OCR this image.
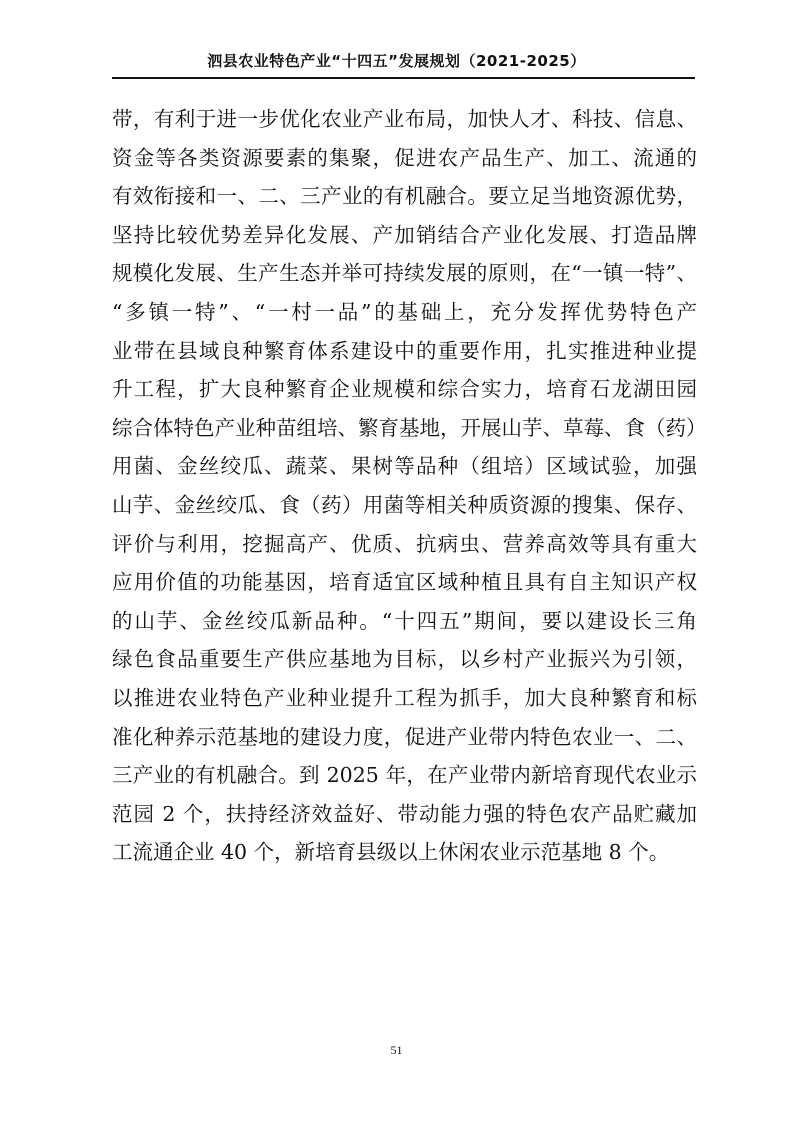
泗县农业特色产业“十四五”发展规划（2021-2025）
带，有利于进一步优化农业产业布局，加快人才、科技、信息、
资金等各类资源要素的集聚，促进农产品生产、加工、流通的
有效衔接和一、二、三产业的有机融合。要立足当地资源优势，
坚持比较优势差异化发展、产加销结合产业化发展、打造品牌
规模化发展、生产生态并举可持续发展的原则，在“一镇一特”、
“多镇一特”、“一村一品”的基础上，充分发挥优势特色产
业带在县域良种繁育体系建设中的重要作用，扎实推进种业提
升工程，扩大良种繁育企业规模和综合实力，培育石龙湖田园
综合体特色产业种苗组培、繁育基地，开展山芋、草莓、食（药）
用菌、金丝绞瓜、蔬菜、果树等品种（组培）区域试验，加强
山芋、金丝绞瓜、食（药）用菌等相关种质资源的搜集、保存、
评价与利用，挖掘高产、优质、抗病虫、营养高效等具有重大
应用价值的功能基因，培育适宜区域种植且具有自主知识产权
的山芋、金丝绞瓜新品种。“十四五”期间，要以建设长三角
绿色食品重要生产供应基地为目标，以乡村产业振兴为引领，
以推进农业特色产业种业提升工程为抓手，加大良种繁育和标
准化种养示范基地的建设力度，促进产业带内特色农业一、二、
三产业的有机融合。到 2025 年，在产业带内新培育现代农业示
范园 2 个，扶持经济效益好、带动能力强的特色农产品贮藏加
工流通企业 40 个，新培育县级以上休闲农业示范基地 8 个。
51
